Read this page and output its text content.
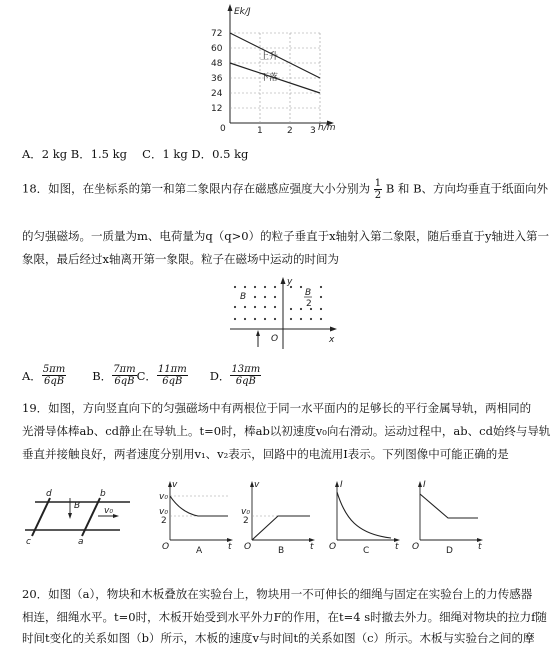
Ek/J
h/m
72
60
48
36
24
12
0	1	2 3
上升
下落
A．2 kg B．1.5 kg　 C．1 kg D．0.5 kg
18．如图，在坐标系的第一和第二象限内存在磁感应强度大小分别为 $\frac{1}{2}$ B 和 B、方向均垂直于纸面向外
的匀强磁场。一质量为m、电荷量为q（q>0）的粒子垂直于x轴射入第二象限，随后垂直于y轴进入第一
象限，最后经过x轴离开第一象限。粒子在磁场中运动的时间为
B	B
2
y
x
O
A． $\frac{5\pi m}{6qB}$ B． $\frac{7\pi m}{6qB}$ C． $\frac{11\pi m}{6qB}$ D． $\frac{13\pi m}{6qB}$
19．如图，方向竖直向下的匀强磁场中有两根位于同一水平面内的足够长的平行金属导轨，两相同的
光滑导体棒ab、cd静止在导轨上。t=0时，棒ab以初速度v₀向右滑动。运动过程中，ab、cd始终与导轨
垂直并接触良好，两者速度分别用v₁、v₂表示，回路中的电流用I表示。下列图像中可能正确的是
d
c
b
a
B	v₀
v
v₀
v₀
2
O	t
A
v
v₀
2
O	t
B
I
O	t
C
I
O	t
D
20．如图（a），物块和木板叠放在实验台上，物块用一不可伸长的细绳与固定在实验台上的力传感器
相连，细绳水平。t=0时，木板开始受到水平外力F的作用，在t=4 s时撤去外力。细绳对物块的拉力f随
时间t变化的关系如图（b）所示，木板的速度v与时间t的关系如图（c）所示。木板与实验台之间的摩
